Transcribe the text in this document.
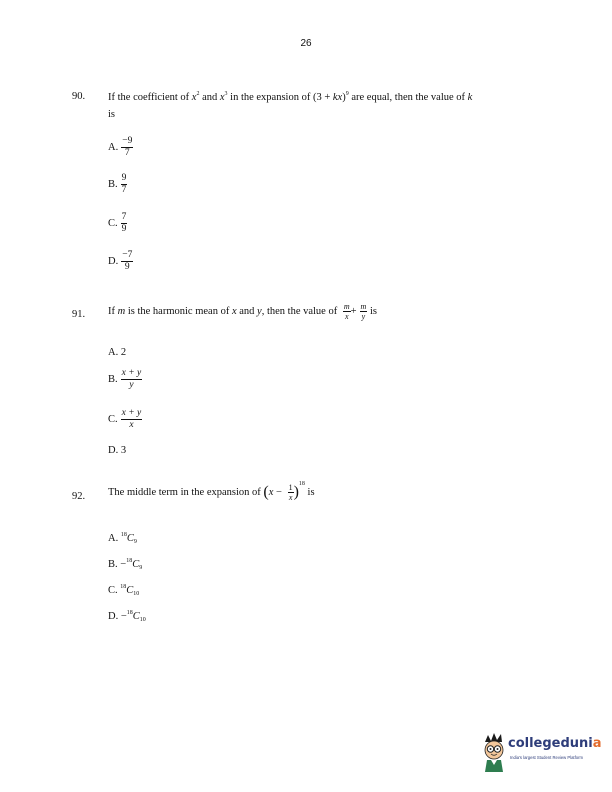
26
90. If the coefficient of $x^2$ and $x^3$ in the expansion of (3 + kx)$^9$ are equal, then the value of k
is
A. $\frac{-9}{7}$
B. $\frac{9}{7}$
C. $\frac{7}{9}$
D. $\frac{-7}{9}$
91. If m is the harmonic mean of x and y, then the value of $\frac{m}{x} + \frac{m}{y}$ is
A. 2
B. $\frac{x + y}{y}$
C. $\frac{x + y}{x}$
D. 3
92. The middle term in the expansion of $(x - \frac{1}{x} )^{18}$ is
A. $^{18}C_9$
B. $-^{18}C_9$
C. $^{18}C_{10}$
D. $-^{18}C_{10}$
collegedunia
India's largest Student Review Platform
